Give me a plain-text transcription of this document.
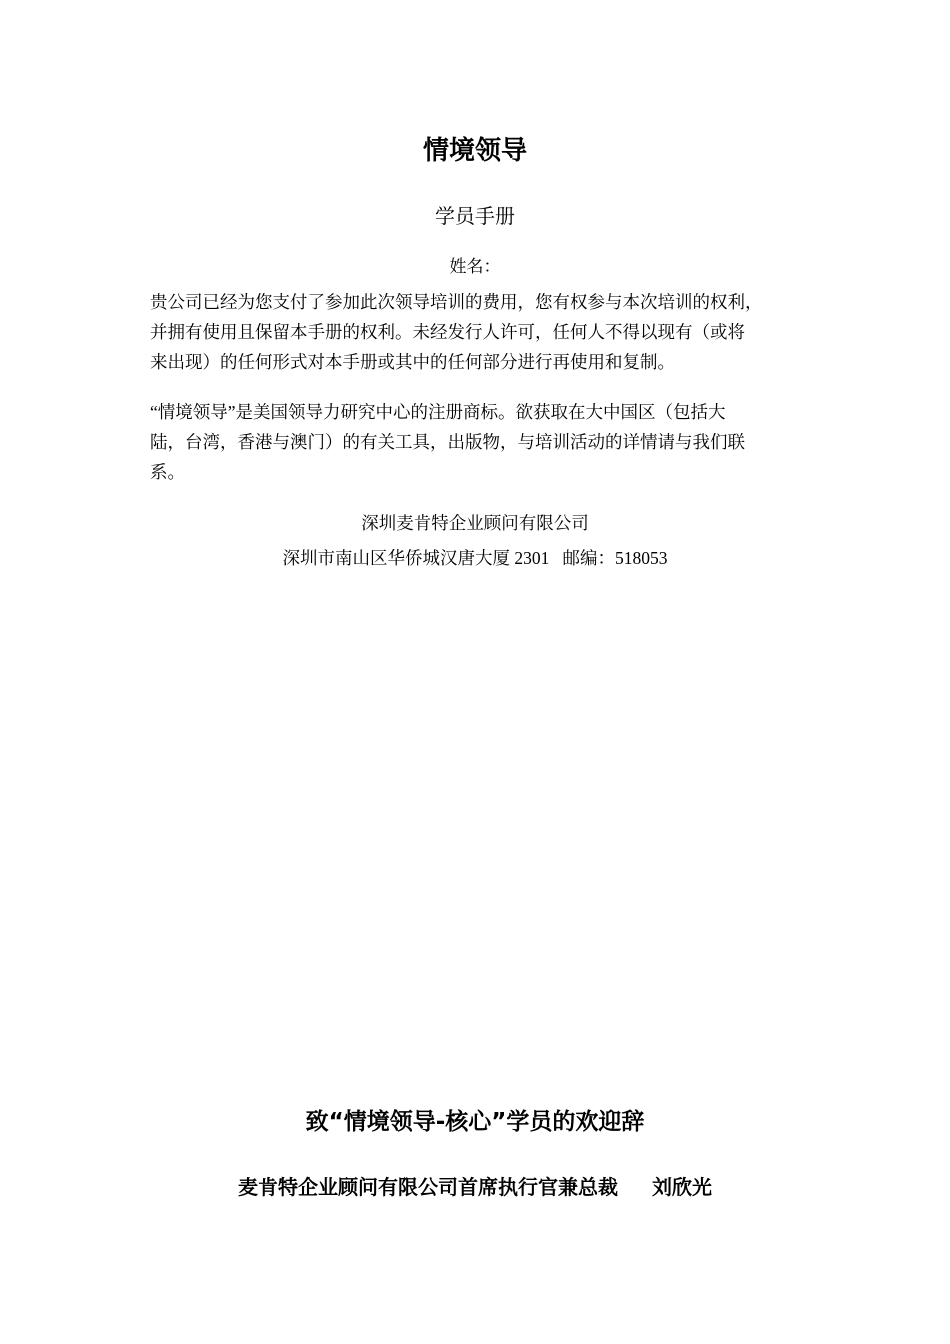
情境领导
学员手册
姓名：
贵公司已经为您支付了参加此次领导培训的费用，您有权参与本次培训的权利，
并拥有使用且保留本手册的权利。未经发行人许可，任何人不得以现有（或将
来出现）的任何形式对本手册或其中的任何部分进行再使用和复制。
“情境领导”是美国领导力研究中心的注册商标。欲获取在大中国区（包括大
陆，台湾，香港与澳门）的有关工具，出版物，与培训活动的详情请与我们联
系。
深圳麦肯特企业顾问有限公司
深圳市南山区华侨城汉唐大厦 2301 邮编：518053
致“情境领导-核心”学员的欢迎辞
麦肯特企业顾问有限公司首席执行官兼总裁 刘欣光
